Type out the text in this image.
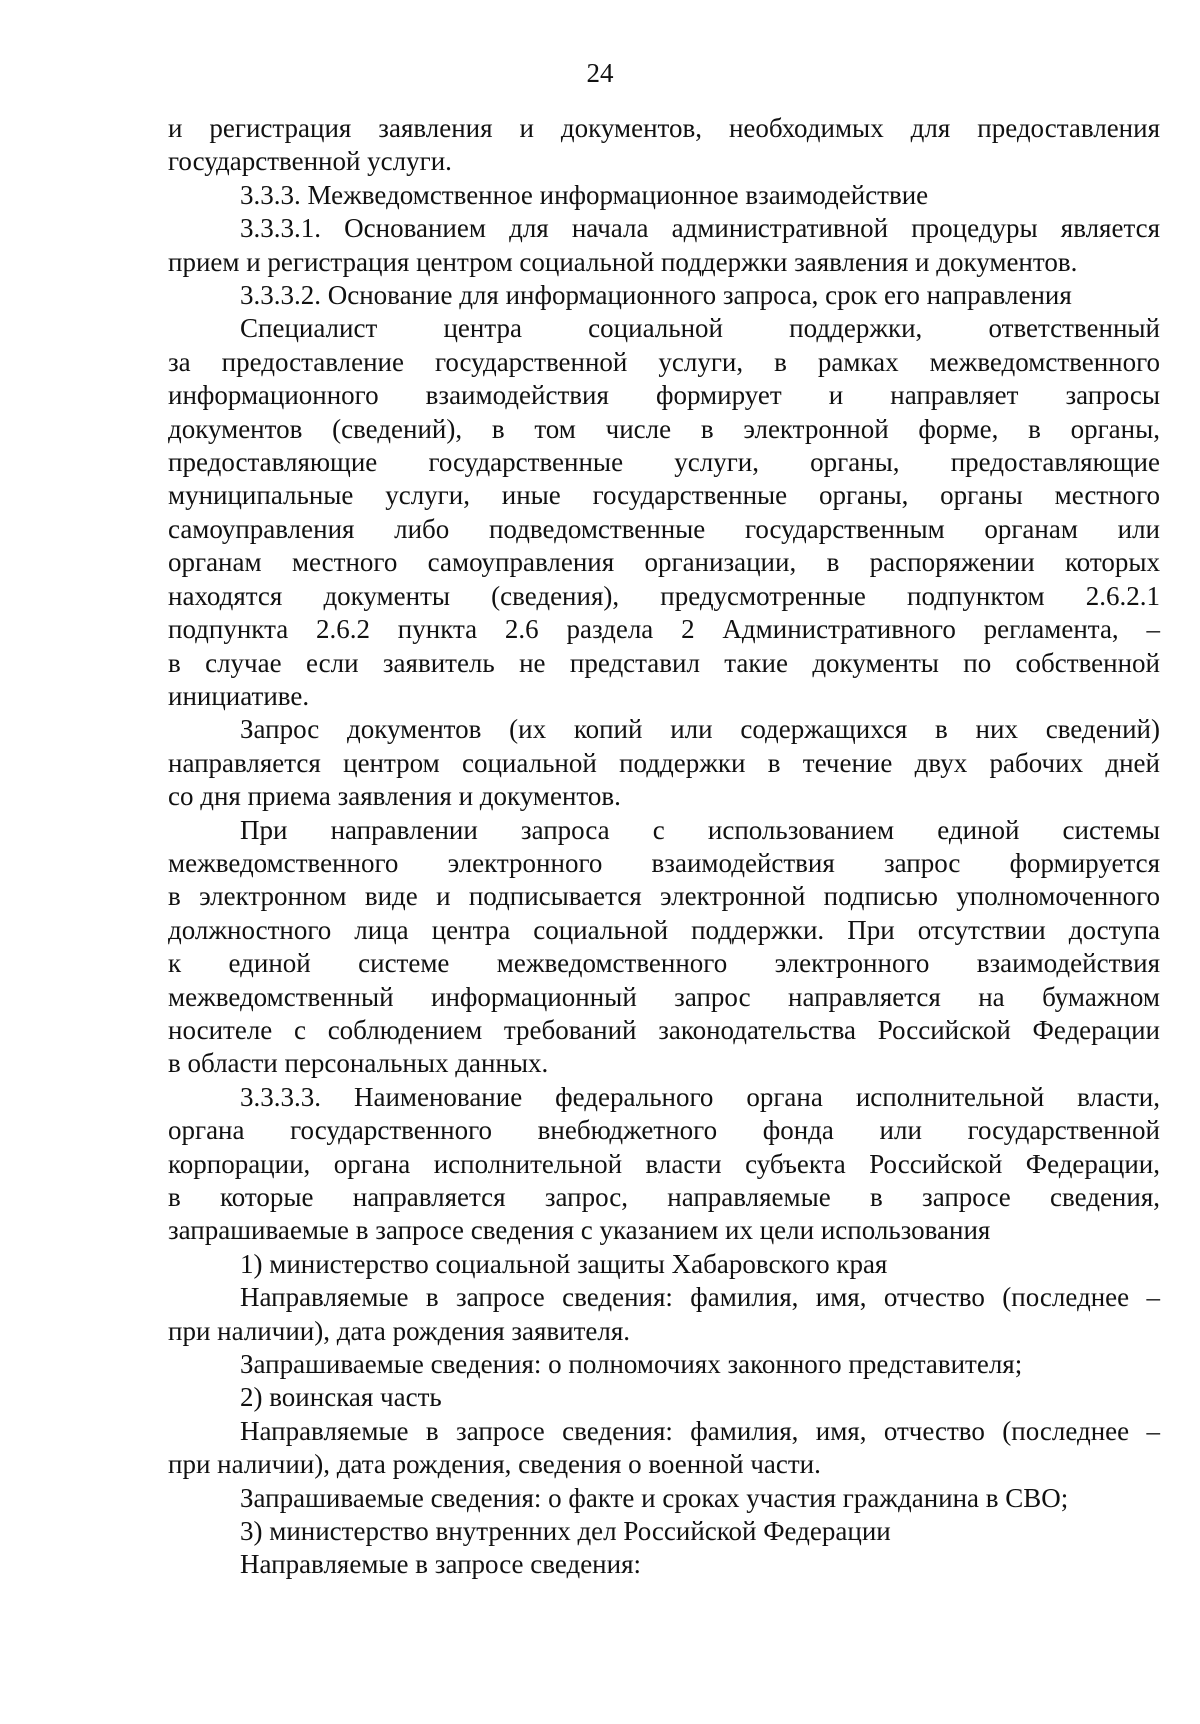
24
и регистрация заявления и документов, необходимых для предоставления
государственной услуги.
3.3.3. Межведомственное информационное взаимодействие
3.3.3.1. Основанием для начала административной процедуры является
прием и регистрация центром социальной поддержки заявления и документов.
3.3.3.2. Основание для информационного запроса, срок его направления
Специалист центра социальной поддержки, ответственный
за предоставление государственной услуги, в рамках межведомственного
информационного взаимодействия формирует и направляет запросы
документов (сведений), в том числе в электронной форме, в органы,
предоставляющие государственные услуги, органы, предоставляющие
муниципальные услуги, иные государственные органы, органы местного
самоуправления либо подведомственные государственным органам или
органам местного самоуправления организации, в распоряжении которых
находятся документы (сведения), предусмотренные подпунктом 2.6.2.1
подпункта 2.6.2 пункта 2.6 раздела 2 Административного регламента, –
в случае если заявитель не представил такие документы по собственной
инициативе.
Запрос документов (их копий или содержащихся в них сведений)
направляется центром социальной поддержки в течение двух рабочих дней
со дня приема заявления и документов.
При направлении запроса с использованием единой системы
межведомственного электронного взаимодействия запрос формируется
в электронном виде и подписывается электронной подписью уполномоченного
должностного лица центра социальной поддержки. При отсутствии доступа
к единой системе межведомственного электронного взаимодействия
межведомственный информационный запрос направляется на бумажном
носителе с соблюдением требований законодательства Российской Федерации
в области персональных данных.
3.3.3.3. Наименование федерального органа исполнительной власти,
органа государственного внебюджетного фонда или государственной
корпорации, органа исполнительной власти субъекта Российской Федерации,
в которые направляется запрос, направляемые в запросе сведения,
запрашиваемые в запросе сведения с указанием их цели использования
1) министерство социальной защиты Хабаровского края
Направляемые в запросе сведения: фамилия, имя, отчество (последнее –
при наличии), дата рождения заявителя.
Запрашиваемые сведения: о полномочиях законного представителя;
2) воинская часть
Направляемые в запросе сведения: фамилия, имя, отчество (последнее –
при наличии), дата рождения, сведения о военной части.
Запрашиваемые сведения: о факте и сроках участия гражданина в СВО;
3) министерство внутренних дел Российской Федерации
Направляемые в запросе сведения:
